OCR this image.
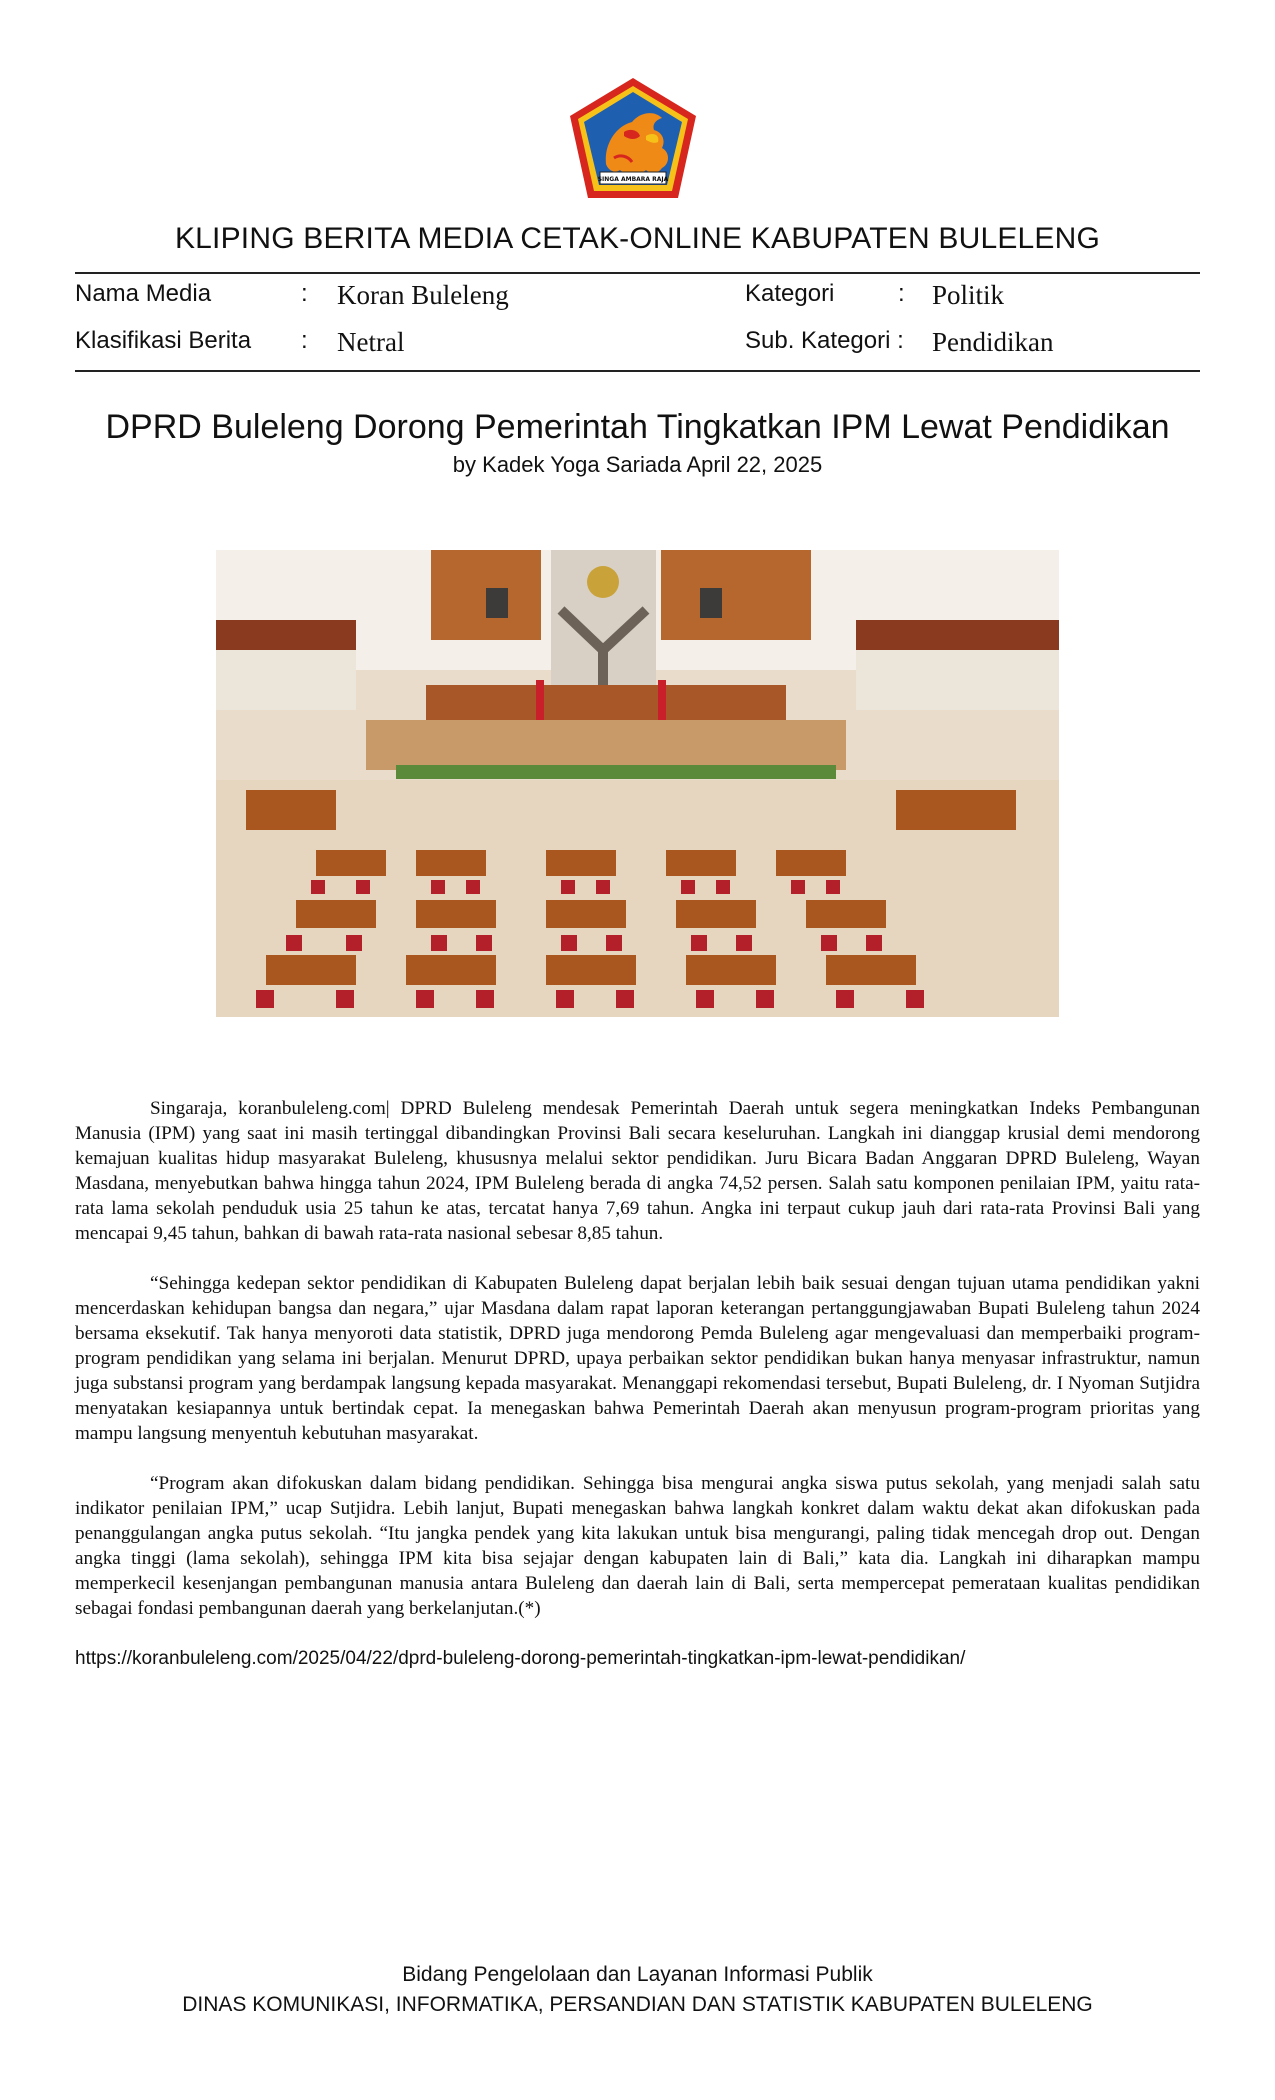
SINGA AMBARA RAJA
KLIPING BERITA MEDIA CETAK-ONLINE KABUPATEN BULELENG
Nama Media	: Koran Buleleng	Kategori	: Politik
Klasifikasi Berita : Netral	Sub. Kategori : Pendidikan
DPRD Buleleng Dorong Pemerintah Tingkatkan IPM Lewat Pendidikan
by Kadek Yoga Sariada April 22, 2025

Singaraja, koranbuleleng.com| DPRD Buleleng mendesak Pemerintah Daerah untuk segera meningkatkan Indeks Pembangunan Manusia (IPM) yang saat ini masih tertinggal dibandingkan Provinsi Bali secara keseluruhan. Langkah ini dianggap krusial demi mendorong kemajuan kualitas hidup masyarakat Buleleng, khususnya melalui sektor pendidikan. Juru Bicara Badan Anggaran DPRD Buleleng, Wayan Masdana, menyebutkan bahwa hingga tahun 2024, IPM Buleleng berada di angka 74,52 persen. Salah satu komponen penilaian IPM, yaitu rata-rata lama sekolah penduduk usia 25 tahun ke atas, tercatat hanya 7,69 tahun. Angka ini terpaut cukup jauh dari rata-rata Provinsi Bali yang mencapai 9,45 tahun, bahkan di bawah rata-rata nasional sebesar 8,85 tahun.

“Sehingga kedepan sektor pendidikan di Kabupaten Buleleng dapat berjalan lebih baik sesuai dengan tujuan utama pendidikan yakni mencerdaskan kehidupan bangsa dan negara,” ujar Masdana dalam rapat laporan keterangan pertanggungjawaban Bupati Buleleng tahun 2024 bersama eksekutif. Tak hanya menyoroti data statistik, DPRD juga mendorong Pemda Buleleng agar mengevaluasi dan memperbaiki program-program pendidikan yang selama ini berjalan. Menurut DPRD, upaya perbaikan sektor pendidikan bukan hanya menyasar infrastruktur, namun juga substansi program yang berdampak langsung kepada masyarakat. Menanggapi rekomendasi tersebut, Bupati Buleleng, dr. I Nyoman Sutjidra menyatakan kesiapannya untuk bertindak cepat. Ia menegaskan bahwa Pemerintah Daerah akan menyusun program-program prioritas yang mampu langsung menyentuh kebutuhan masyarakat.

“Program akan difokuskan dalam bidang pendidikan. Sehingga bisa mengurai angka siswa putus sekolah, yang menjadi salah satu indikator penilaian IPM,” ucap Sutjidra. Lebih lanjut, Bupati menegaskan bahwa langkah konkret dalam waktu dekat akan difokuskan pada penanggulangan angka putus sekolah. “Itu jangka pendek yang kita lakukan untuk bisa mengurangi, paling tidak mencegah drop out. Dengan angka tinggi (lama sekolah), sehingga IPM kita bisa sejajar dengan kabupaten lain di Bali,” kata dia. Langkah ini diharapkan mampu memperkecil kesenjangan pembangunan manusia antara Buleleng dan daerah lain di Bali, serta mempercepat pemerataan kualitas pendidikan sebagai fondasi pembangunan daerah yang berkelanjutan.(*)

https://koranbuleleng.com/2025/04/22/dprd-buleleng-dorong-pemerintah-tingkatkan-ipm-lewat-pendidikan/
Bidang Pengelolaan dan Layanan Informasi Publik
DINAS KOMUNIKASI, INFORMATIKA, PERSANDIAN DAN STATISTIK KABUPATEN BULELENG
